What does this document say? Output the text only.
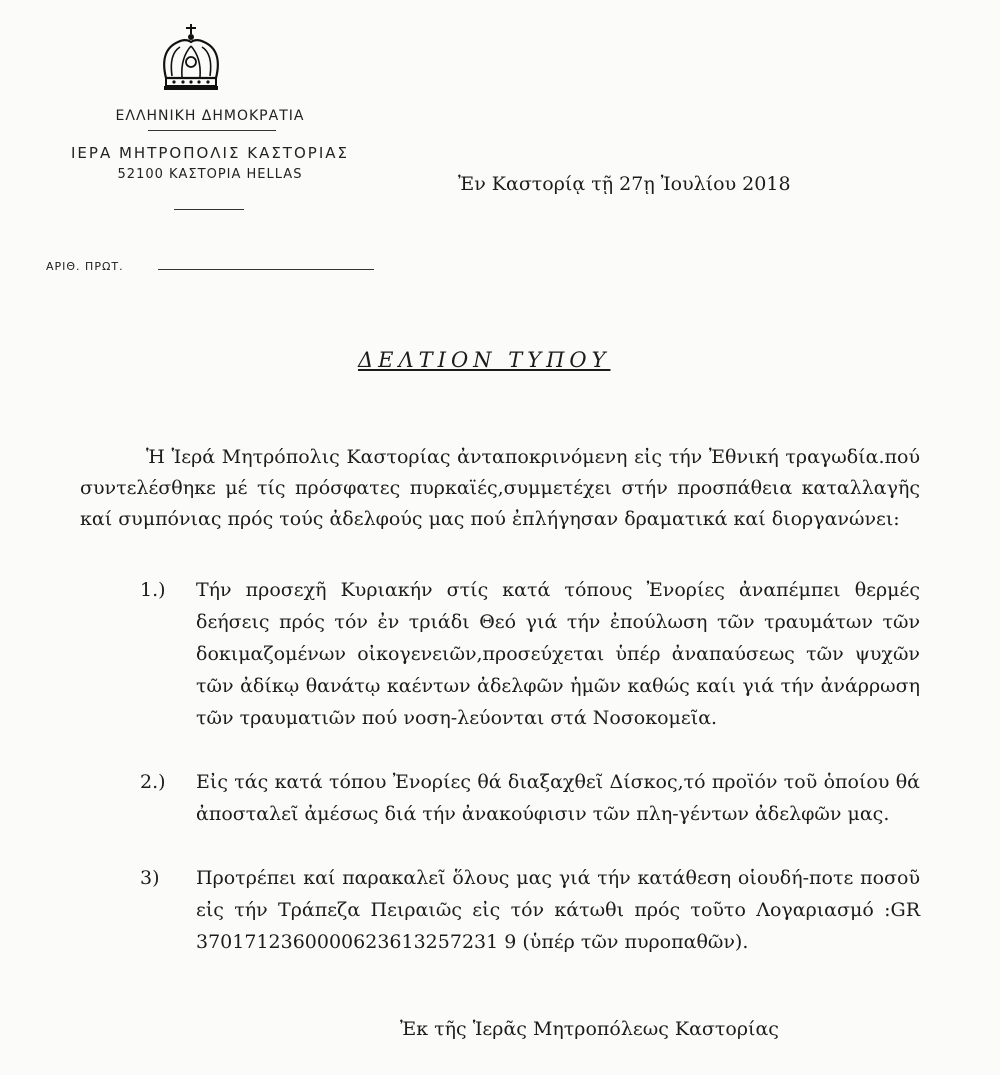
ΕΛΛΗΝΙΚΗ ΔΗΜΟΚΡΑΤΙΑ
ΙΕΡΑ ΜΗΤΡΟΠΟΛΙΣ ΚΑΣΤΟΡΙΑΣ
52100 ΚΑΣΤΟΡΙΑ HELLAS	Ἐν Καστορίᾳ τῇ 27ῃ Ἰουλίου 2018
ΑΡΙΘ. ΠΡΩΤ.
ΔΕΛΤΙΟΝ ΤΥΠΟΥ

Ἡ Ἱερά Μητρόπολις Καστορίας ἀνταποκρινόμενη εἰς τήν Ἐθνική τραγωδία.πού συντελέσθηκε μέ τίς πρόσφατες πυρκαϊές,συμμετέχει στήν προσπάθεια καταλλαγῆς καί συμπόνιας πρός τούς ἀδελφούς μας πού ἐπλήγησαν δραματικά καί διοργανώνει:

1.)	Τήν προσεχῆ Κυριακήν στίς κατά τόπους Ἐνορίες ἀναπέμπει θερμές δεήσεις πρός τόν ἐν τριάδι Θεό γιά τήν ἐπούλωση τῶν τραυμάτων τῶν δοκιμαζομένων οἰκογενειῶν,προσεύχεται ὑπέρ ἀναπαύσεως τῶν ψυχῶν τῶν ἀδίκῳ θανάτῳ καέντων ἀδελφῶν ἡμῶν καθώς καίι γιά τήν ἀνάρρωση τῶν τραυματιῶν πού νοση-λεύονται στά Νοσοκομεῖα.
2.)	Εἰς τάς κατά τόπου Ἐνορίες θά διαξαχθεῖ Δίσκος,τό προϊόν τοῦ ὁποίου θά ἀποσταλεῖ ἀμέσως διά τήν ἀνακούφισιν τῶν πλη-γέντων ἀδελφῶν μας.
3)	Προτρέπει καί παρακαλεῖ ὅλους μας γιά τήν κατάθεση οἱουδή-ποτε ποσοῦ εἰς τήν Τράπεζα Πειραιῶς εἰς τόν κάτωθι πρός τοῦτο Λογαριασμό :GR 3701712360000623613257231 9 (ὑπέρ τῶν πυροπαθῶν).
Ἐκ τῆς Ἱερᾶς Μητροπόλεως Καστορίας
